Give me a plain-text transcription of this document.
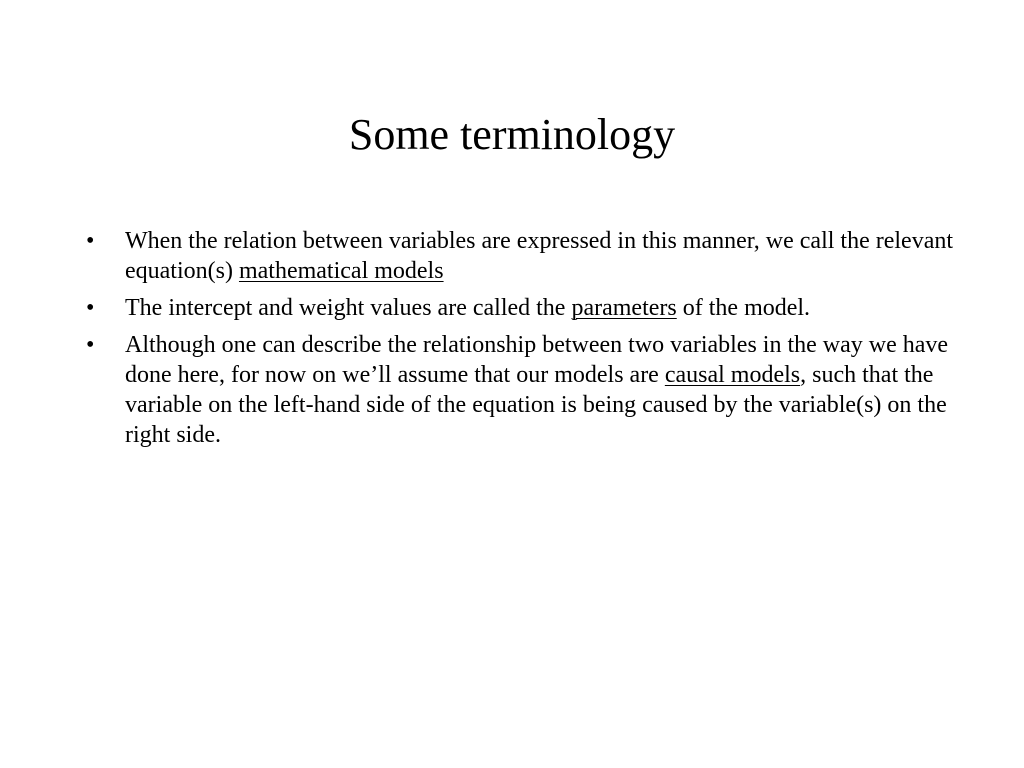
Some terminology
•	When the relation between variables are expressed in this manner, we call the relevant equation(s) mathematical models
•	The intercept and weight values are called the parameters of the model.
•	Although one can describe the relationship between two variables in the way we have done here, for now on we’ll assume that our models are causal models, such that the variable on the left-hand side of the equation is being caused by the variable(s) on the right side.
